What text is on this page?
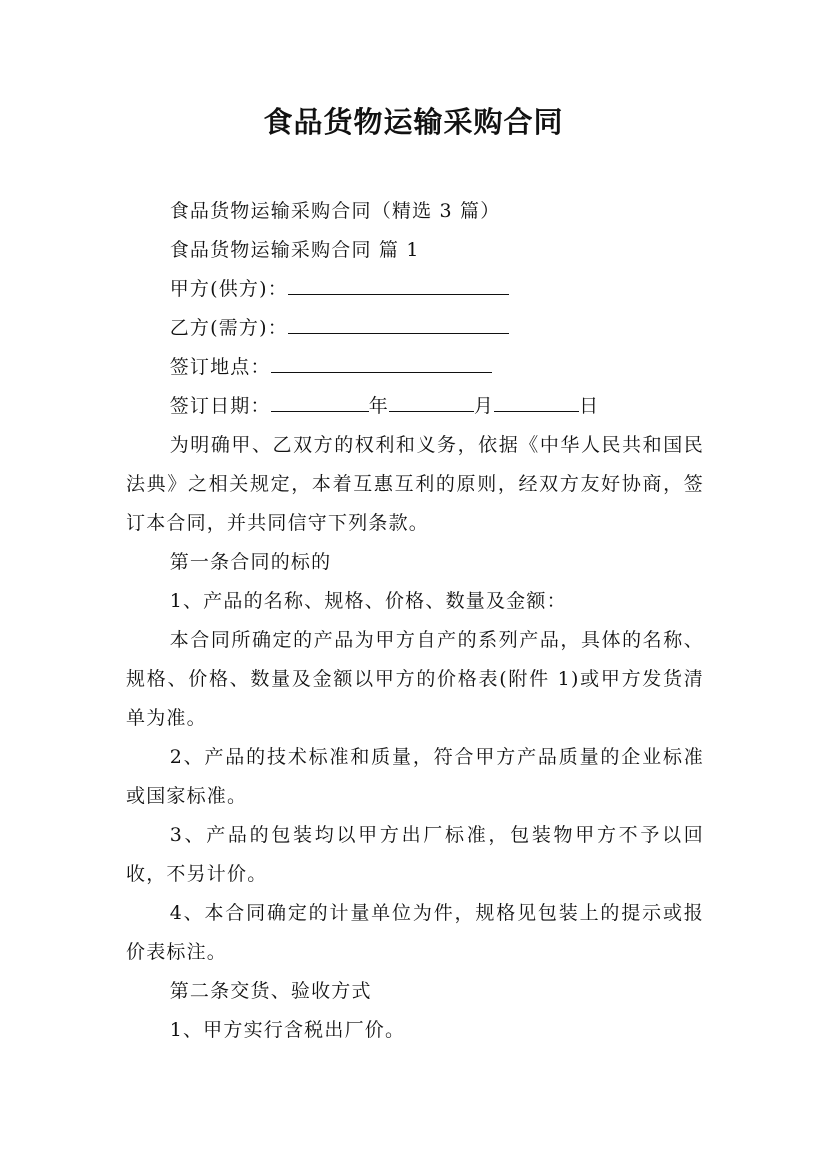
食品货物运输采购合同

食品货物运输采购合同（精选 3 篇）

食品货物运输采购合同 篇 1

甲方(供方)：

乙方(需方)：

签订地点：

签订日期：	年	月	日

为明确甲、乙双方的权利和义务，依据《中华人民共和国民法典》之相关规定，本着互惠互利的原则，经双方友好协商，签订本合同，并共同信守下列条款。

第一条合同的标的

1、产品的名称、规格、价格、数量及金额：

本合同所确定的产品为甲方自产的系列产品，具体的名称、规格、价格、数量及金额以甲方的价格表(附件 1)或甲方发货清单为准。

2、产品的技术标准和质量，符合甲方产品质量的企业标准或国家标准。

3、产品的包装均以甲方出厂标准，包装物甲方不予以回收，不另计价。

4、本合同确定的计量单位为件，规格见包装上的提示或报价表标注。

第二条交货、验收方式

1、甲方实行含税出厂价。
